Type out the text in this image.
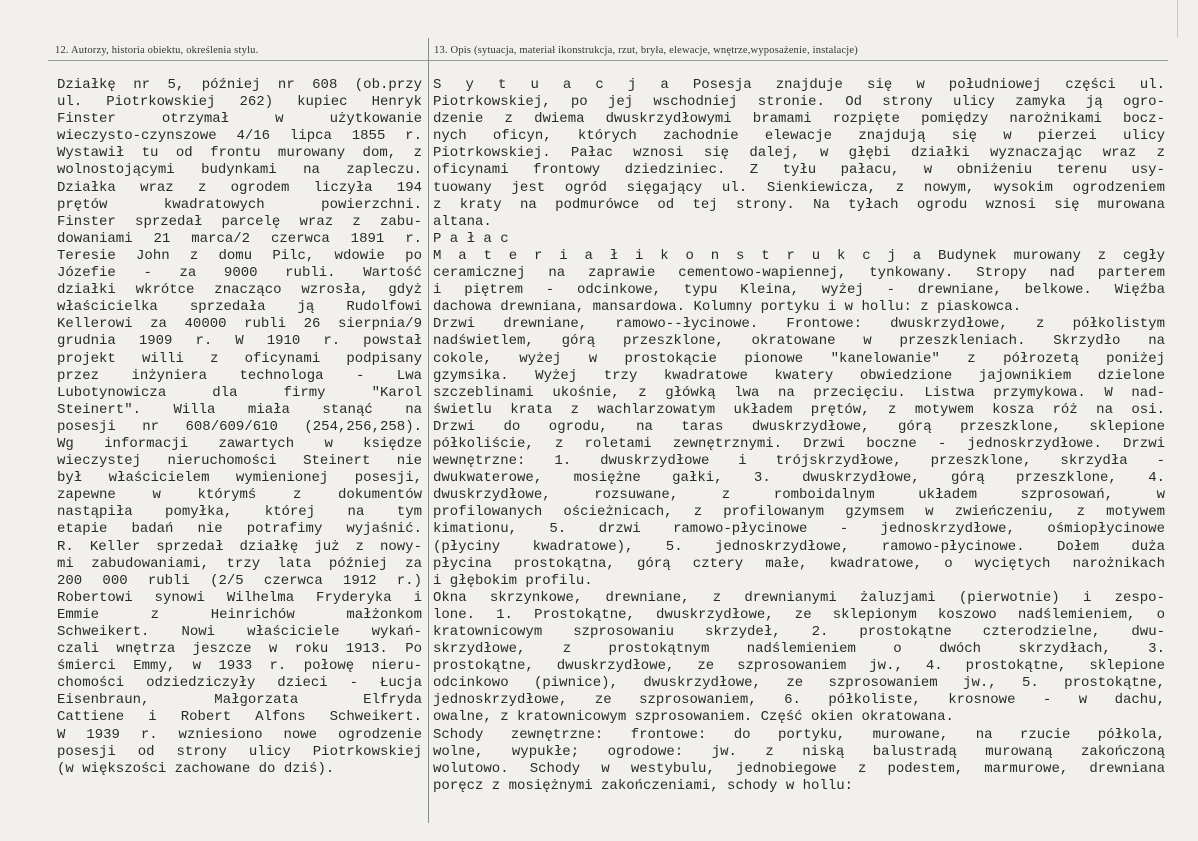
12. Autorzy, historia obiektu, określenia stylu.	13. Opis (sytuacja, materiał ikonstrukcja, rzut, bryła, elewacje, wnętrze,wyposażenie, instalacje)
Działkę nr 5, później nr 608 (ob.przy
ul. Piotrkowskiej 262) kupiec Henryk
Finster otrzymał w użytkowanie
wieczysto-czynszowe 4/16 lipca 1855 r.
Wystawił tu od frontu murowany dom, z
wolnostojącymi budynkami na zapleczu.
Działka wraz z ogrodem liczyła 194
prętów kwadratowych powierzchni.
Finster sprzedał parcelę wraz z zabu-
dowaniami 21 marca/2 czerwca 1891 r.
Teresie John z domu Pilc, wdowie po
Józefie - za 9000 rubli. Wartość
działki wkrótce znacząco wzrosła, gdyż
właścicielka sprzedała ją Rudolfowi
Kellerowi za 40000 rubli 26 sierpnia/9
grudnia 1909 r. W 1910 r. powstał
projekt willi z oficynami podpisany
przez inżyniera technologa - Lwa
Lubotynowicza dla firmy "Karol
Steinert". Willa miała stanąć na
posesji nr 608/609/610 (254,256,258).
Wg informacji zawartych w księdze
wieczystej nieruchomości Steinert nie
był właścicielem wymienionej posesji,
zapewne w którymś z dokumentów
nastąpiła pomyłka, której na tym
etapie badań nie potrafimy wyjaśnić.
R. Keller sprzedał działkę już z nowy-
mi zabudowaniami, trzy lata później za
200 000 rubli (2/5 czerwca 1912 r.)
Robertowi synowi Wilhelma Fryderyka i
Emmie z Heinrichów małżonkom
Schweikert. Nowi właściciele wykań-
czali wnętrza jeszcze w roku 1913. Po
śmierci Emmy, w 1933 r. połowę nieru-
chomości odziedziczyły dzieci - Łucja
Eisenbraun, Małgorzata Elfryda
Cattiene i Robert Alfons Schweikert.
W 1939 r. wzniesiono nowe ogrodzenie
posesji od strony ulicy Piotrkowskiej
(w większości zachowane do dziś).
S y t u a c j a Posesja znajduje się w południowej części ul.
Piotrkowskiej, po jej wschodniej stronie. Od strony ulicy zamyka ją ogro-
dzenie z dwiema dwuskrzydłowymi bramami rozpięte pomiędzy narożnikami bocz-
nych oficyn, których zachodnie elewacje znajdują się w pierzei ulicy
Piotrkowskiej. Pałac wznosi się dalej, w głębi działki wyznaczając wraz z
oficynami frontowy dziedziniec. Z tyłu pałacu, w obniżeniu terenu usy-
tuowany jest ogród sięgający ul. Sienkiewicza, z nowym, wysokim ogrodzeniem
z kraty na podmurówce od tej strony. Na tyłach ogrodu wznosi się murowana
altana.
P a ł a c
M a t e r i a ł i k o n s t r u k c j a Budynek murowany z cegły
ceramicznej na zaprawie cementowo-wapiennej, tynkowany. Stropy nad parterem
i piętrem - odcinkowe, typu Kleina, wyżej - drewniane, belkowe. Więźba
dachowa drewniana, mansardowa. Kolumny portyku i w hollu: z piaskowca.
Drzwi drewniane, ramowo--łycinowe. Frontowe: dwuskrzydłowe, z półkolistym
nadświetlem, górą przeszklone, okratowane w przeszkleniach. Skrzydło na
cokole, wyżej w prostokącie pionowe "kanelowanie" z półrozetą poniżej
gzymsika. Wyżej trzy kwadratowe kwatery obwiedzione jajownikiem dzielone
szczeblinami ukośnie, z główką lwa na przecięciu. Listwa przymykowa. W nad-
świetlu krata z wachlarzowatym układem prętów, z motywem kosza róż na osi.
Drzwi do ogrodu, na taras dwuskrzydłowe, górą przeszklone, sklepione
półkoliście, z roletami zewnętrznymi. Drzwi boczne - jednoskrzydłowe. Drzwi
wewnętrzne: 1. dwuskrzydłowe i trójskrzydłowe, przeszklone, skrzydła -
dwukwaterowe, mosiężne gałki, 3. dwuskrzydłowe, górą przeszklone, 4.
dwuskrzydłowe, rozsuwane, z romboidalnym układem szprosowań, w
profilowanych ościeżnicach, z profilowanym gzymsem w zwieńczeniu, z motywem
kimationu, 5. drzwi ramowo-płycinowe - jednoskrzydłowe, ośmiopłycinowe
(płyciny kwadratowe), 5. jednoskrzydłowe, ramowo-płycinowe. Dołem duża
płycina prostokątna, górą cztery małe, kwadratowe, o wyciętych narożnikach
i głębokim profilu.
Okna skrzynkowe, drewniane, z drewnianymi żaluzjami (pierwotnie) i zespo-
lone. 1. Prostokątne, dwuskrzydłowe, ze sklepionym koszowo nadślemieniem, o
kratownicowym szprosowaniu skrzydeł, 2. prostokątne czterodzielne, dwu-
skrzydłowe, z prostokątnym nadślemieniem o dwóch skrzydłach, 3.
prostokątne, dwuskrzydłowe, ze szprosowaniem jw., 4. prostokątne, sklepione
odcinkowo (piwnice), dwuskrzydłowe, ze szprosowaniem jw., 5. prostokątne,
jednoskrzydłowe, ze szprosowaniem, 6. półkoliste, krosnowe - w dachu,
owalne, z kratownicowym szprosowaniem. Część okien okratowana.
Schody zewnętrzne: frontowe: do portyku, murowane, na rzucie półkola,
wolne, wypukłe; ogrodowe: jw. z niską balustradą murowaną zakończoną
wolutowo. Schody w westybulu, jednobiegowe z podestem, marmurowe, drewniana
poręcz z mosiężnymi zakończeniami, schody w hollu:
